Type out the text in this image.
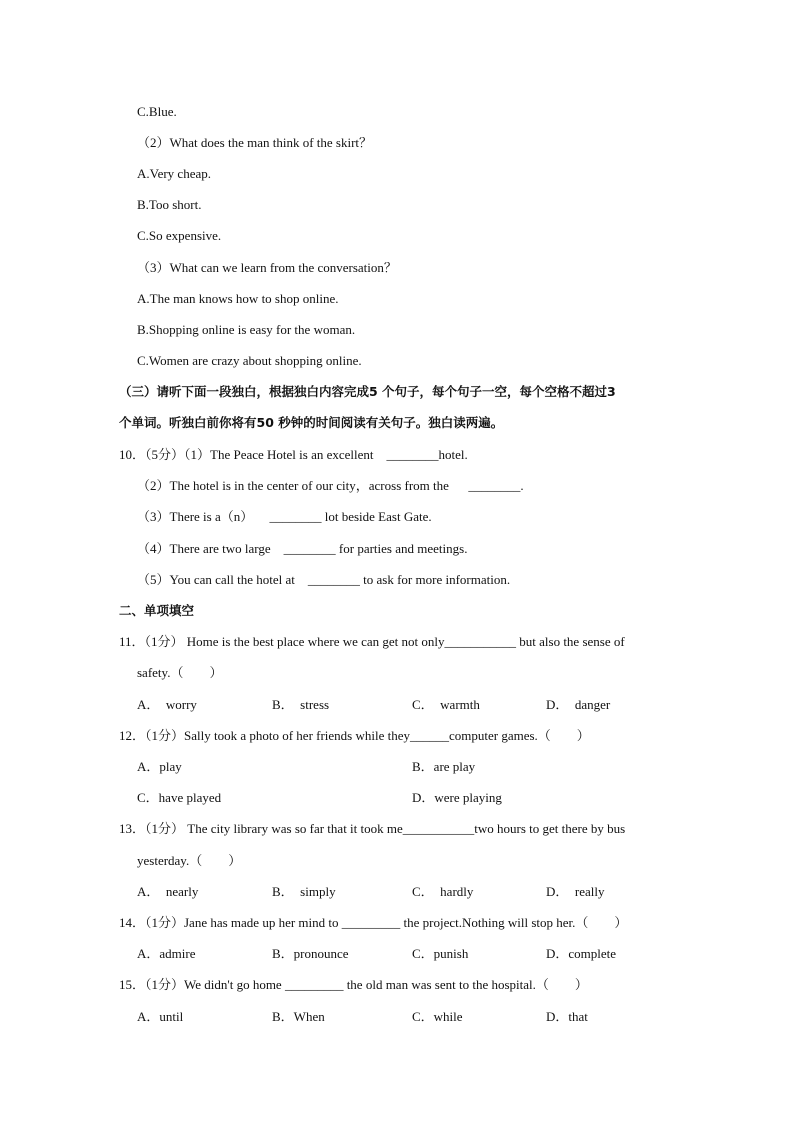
C.Blue.
（2）What does the man think of the skirt？
A.Very cheap.
B.Too short.
C.So expensive.
（3）What can we learn from the conversation？
A.The man knows how to shop online.
B.Shopping online is easy for the woman.
C.Women are crazy about shopping online.
（三）请听下面一段独白，根据独白内容完成5 个句子，每个句子一空，每个空格不超过3
个单词。听独白前你将有50 秒钟的时间阅读有关句子。独白读两遍。
10．（5分）（1）The Peace Hotel is an excellent    ________hotel.
（2）The hotel is in the center of our city，across from the      ________.
（3）There is a（n）     ________ lot beside East Gate.
（4）There are two large    ________ for parties and meetings.
（5）You can call the hotel at    ________ to ask for more information.
二、单项填空
11．（1分） Home is the best place where we can get not only___________ but also the sense of
safety.（　　）
A．  worry	B．  stress	C．  warmth	D．  danger
12．（1分）Sally took a photo of her friends while they______computer games.（　　）
A．play	B．are play
C．have played	D．were playing
13．（1分） The city library was so far that it took me___________two hours to get there by bus
yesterday.（　　）
A．  nearly	B．  simply	C．  hardly	D．  really
14．（1分）Jane has made up her mind to _________ the project.Nothing will stop her.（　　）
A．admire	B．pronounce	C．punish	D．complete
15．（1分）We didn't go home _________ the old man was sent to the hospital.（　　）
A．until	B．When	C．while	D．that
